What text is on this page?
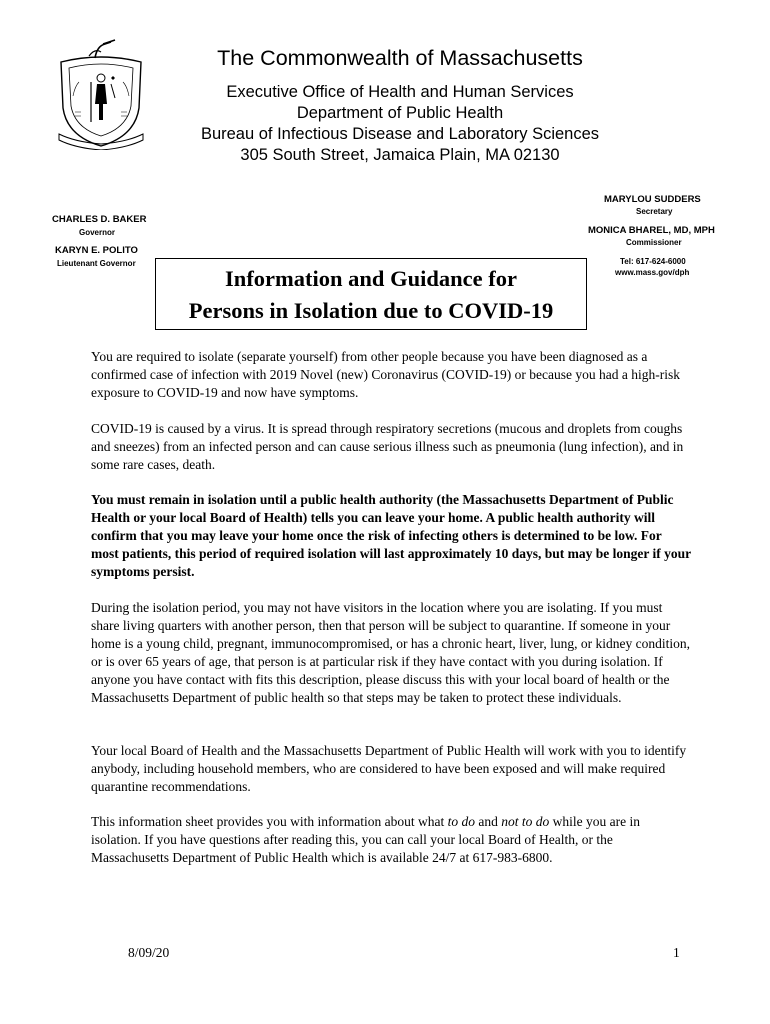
The Commonwealth of Massachusetts

Executive Office of Health and Human Services

Department of Public Health

Bureau of Infectious Disease and Laboratory Sciences

305 South Street, Jamaica Plain, MA 02130

CHARLES D. BAKER

Governor

KARYN E. POLITO

Lieutenant Governor

MARYLOU SUDDERS

Secretary

MONICA BHAREL, MD, MPH

Commissioner

Tel: 617-624-6000

www.mass.gov/dph

Information and Guidance for
Persons in Isolation due to COVID-19

You are required to isolate (separate yourself) from other people because you have been diagnosed as a confirmed case of infection with 2019 Novel (new) Coronavirus (COVID-19) or because you had a high-risk exposure to COVID-19 and now have symptoms.

COVID-19 is caused by a virus. It is spread through respiratory secretions (mucous and droplets from coughs and sneezes) from an infected person and can cause serious illness such as pneumonia (lung infection), and in some rare cases, death.

You must remain in isolation until a public health authority (the Massachusetts Department of Public Health or your local Board of Health) tells you can leave your home. A public health authority will confirm that you may leave your home once the risk of infecting others is determined to be low. For most patients, this period of required isolation will last approximately 10 days, but may be longer if your symptoms persist.

During the isolation period, you may not have visitors in the location where you are isolating. If you must share living quarters with another person, then that person will be subject to quarantine. If someone in your home is a young child, pregnant, immunocompromised, or has a chronic heart, liver, lung, or kidney condition, or is over 65 years of age, that person is at particular risk if they have contact with you during isolation. If anyone you have contact with fits this description, please discuss this with your local board of health or the Massachusetts Department of public health so that steps may be taken to protect these individuals.

Your local Board of Health and the Massachusetts Department of Public Health will work with you to identify anybody, including household members, who are considered to have been exposed and will make required quarantine recommendations.

This information sheet provides you with information about what to do and not to do while you are in isolation. If you have questions after reading this, you can call your local Board of Health, or the Massachusetts Department of Public Health which is available 24/7 at 617-983-6800.

8/09/20	1
